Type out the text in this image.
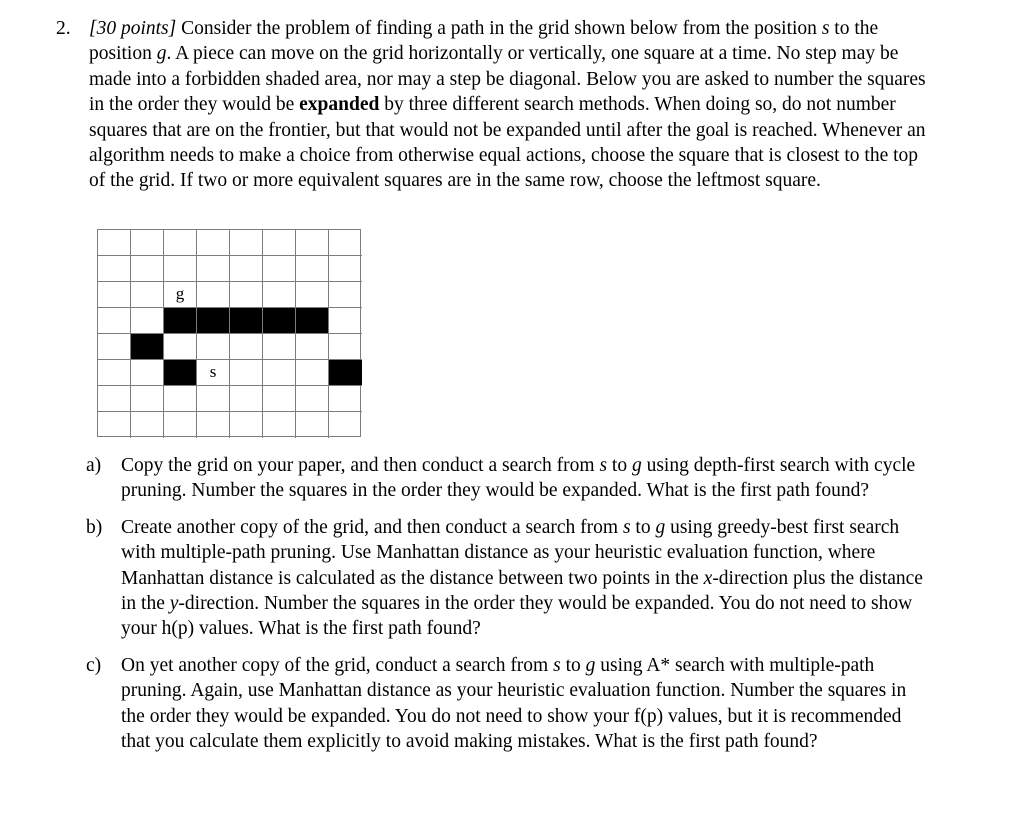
2. [30 points] Consider the problem of finding a path in the grid shown below from the position s to the position g. A piece can move on the grid horizontally or vertically, one square at a time. No step may be made into a forbidden shaded area, nor may a step be diagonal. Below you are asked to number the squares in the order they would be expanded by three different search methods. When doing so, do not number squares that are on the frontier, but that would not be expanded until after the goal is reached. Whenever an algorithm needs to make a choice from otherwise equal actions, choose the square that is closest to the top of the grid. If two or more equivalent squares are in the same row, choose the leftmost square.
g
s
a) Copy the grid on your paper, and then conduct a search from s to g using depth-first search with cycle pruning. Number the squares in the order they would be expanded. What is the first path found?
b) Create another copy of the grid, and then conduct a search from s to g using greedy-best first search with multiple-path pruning. Use Manhattan distance as your heuristic evaluation function, where Manhattan distance is calculated as the distance between two points in the x-direction plus the distance in the y-direction. Number the squares in the order they would be expanded. You do not need to show your h(p) values. What is the first path found?
c) On yet another copy of the grid, conduct a search from s to g using A* search with multiple-path pruning. Again, use Manhattan distance as your heuristic evaluation function. Number the squares in the order they would be expanded. You do not need to show your f(p) values, but it is recommended that you calculate them explicitly to avoid making mistakes. What is the first path found?
